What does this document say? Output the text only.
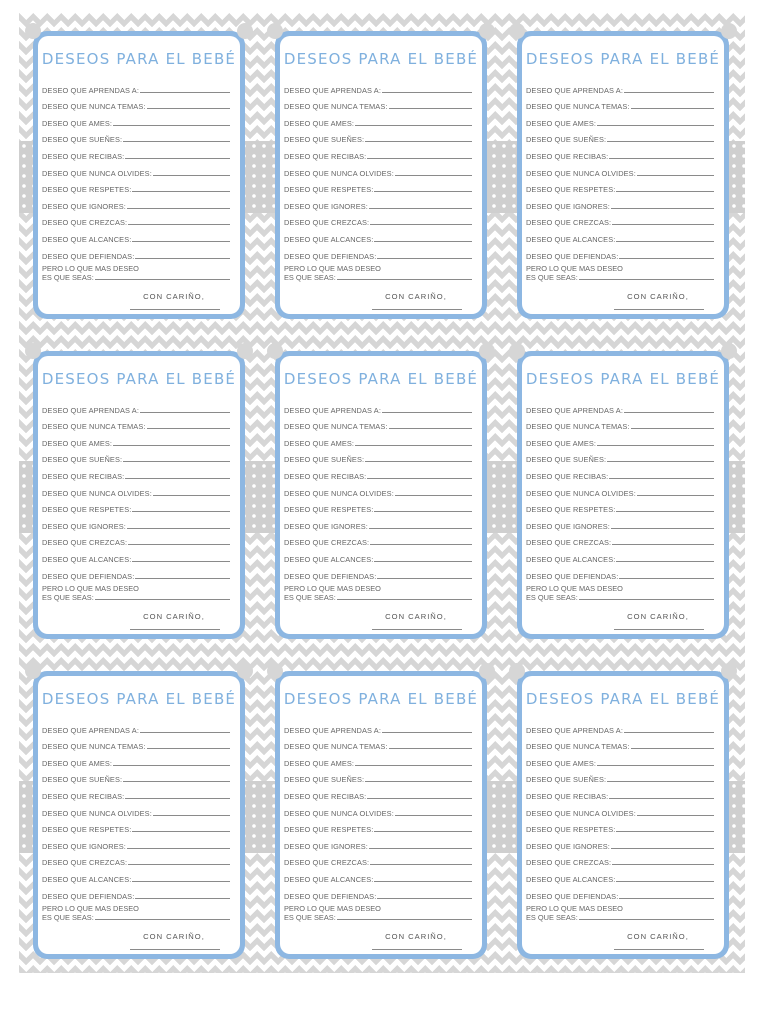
DESEOS PARA EL BEBÉ
DESEO QUE APRENDAS A:
DESEO QUE NUNCA TEMAS:
DESEO QUE AMES:
DESEO QUE SUEÑES:
DESEO QUE RECIBAS:
DESEO QUE NUNCA OLVIDES:
DESEO QUE RESPETES:
DESEO QUE IGNORES:
DESEO QUE CREZCAS:
DESEO QUE ALCANCES:
DESEO QUE DEFIENDAS:
PERO LO QUE MAS DESEO
ES QUE SEAS:
CON CARIÑO,
DESEOS PARA EL BEBÉ
DESEO QUE APRENDAS A:
DESEO QUE NUNCA TEMAS:
DESEO QUE AMES:
DESEO QUE SUEÑES:
DESEO QUE RECIBAS:
DESEO QUE NUNCA OLVIDES:
DESEO QUE RESPETES:
DESEO QUE IGNORES:
DESEO QUE CREZCAS:
DESEO QUE ALCANCES:
DESEO QUE DEFIENDAS:
PERO LO QUE MAS DESEO
ES QUE SEAS:
CON CARIÑO,
DESEOS PARA EL BEBÉ
DESEO QUE APRENDAS A:
DESEO QUE NUNCA TEMAS:
DESEO QUE AMES:
DESEO QUE SUEÑES:
DESEO QUE RECIBAS:
DESEO QUE NUNCA OLVIDES:
DESEO QUE RESPETES:
DESEO QUE IGNORES:
DESEO QUE CREZCAS:
DESEO QUE ALCANCES:
DESEO QUE DEFIENDAS:
PERO LO QUE MAS DESEO
ES QUE SEAS:
CON CARIÑO,
DESEOS PARA EL BEBÉ
DESEO QUE APRENDAS A:
DESEO QUE NUNCA TEMAS:
DESEO QUE AMES:
DESEO QUE SUEÑES:
DESEO QUE RECIBAS:
DESEO QUE NUNCA OLVIDES:
DESEO QUE RESPETES:
DESEO QUE IGNORES:
DESEO QUE CREZCAS:
DESEO QUE ALCANCES:
DESEO QUE DEFIENDAS:
PERO LO QUE MAS DESEO
ES QUE SEAS:
CON CARIÑO,
DESEOS PARA EL BEBÉ
DESEO QUE APRENDAS A:
DESEO QUE NUNCA TEMAS:
DESEO QUE AMES:
DESEO QUE SUEÑES:
DESEO QUE RECIBAS:
DESEO QUE NUNCA OLVIDES:
DESEO QUE RESPETES:
DESEO QUE IGNORES:
DESEO QUE CREZCAS:
DESEO QUE ALCANCES:
DESEO QUE DEFIENDAS:
PERO LO QUE MAS DESEO
ES QUE SEAS:
CON CARIÑO,
DESEOS PARA EL BEBÉ
DESEO QUE APRENDAS A:
DESEO QUE NUNCA TEMAS:
DESEO QUE AMES:
DESEO QUE SUEÑES:
DESEO QUE RECIBAS:
DESEO QUE NUNCA OLVIDES:
DESEO QUE RESPETES:
DESEO QUE IGNORES:
DESEO QUE CREZCAS:
DESEO QUE ALCANCES:
DESEO QUE DEFIENDAS:
PERO LO QUE MAS DESEO
ES QUE SEAS:
CON CARIÑO,
DESEOS PARA EL BEBÉ
DESEO QUE APRENDAS A:
DESEO QUE NUNCA TEMAS:
DESEO QUE AMES:
DESEO QUE SUEÑES:
DESEO QUE RECIBAS:
DESEO QUE NUNCA OLVIDES:
DESEO QUE RESPETES:
DESEO QUE IGNORES:
DESEO QUE CREZCAS:
DESEO QUE ALCANCES:
DESEO QUE DEFIENDAS:
PERO LO QUE MAS DESEO
ES QUE SEAS:
CON CARIÑO,
DESEOS PARA EL BEBÉ
DESEO QUE APRENDAS A:
DESEO QUE NUNCA TEMAS:
DESEO QUE AMES:
DESEO QUE SUEÑES:
DESEO QUE RECIBAS:
DESEO QUE NUNCA OLVIDES:
DESEO QUE RESPETES:
DESEO QUE IGNORES:
DESEO QUE CREZCAS:
DESEO QUE ALCANCES:
DESEO QUE DEFIENDAS:
PERO LO QUE MAS DESEO
ES QUE SEAS:
CON CARIÑO,
DESEOS PARA EL BEBÉ
DESEO QUE APRENDAS A:
DESEO QUE NUNCA TEMAS:
DESEO QUE AMES:
DESEO QUE SUEÑES:
DESEO QUE RECIBAS:
DESEO QUE NUNCA OLVIDES:
DESEO QUE RESPETES:
DESEO QUE IGNORES:
DESEO QUE CREZCAS:
DESEO QUE ALCANCES:
DESEO QUE DEFIENDAS:
PERO LO QUE MAS DESEO
ES QUE SEAS:
CON CARIÑO,
